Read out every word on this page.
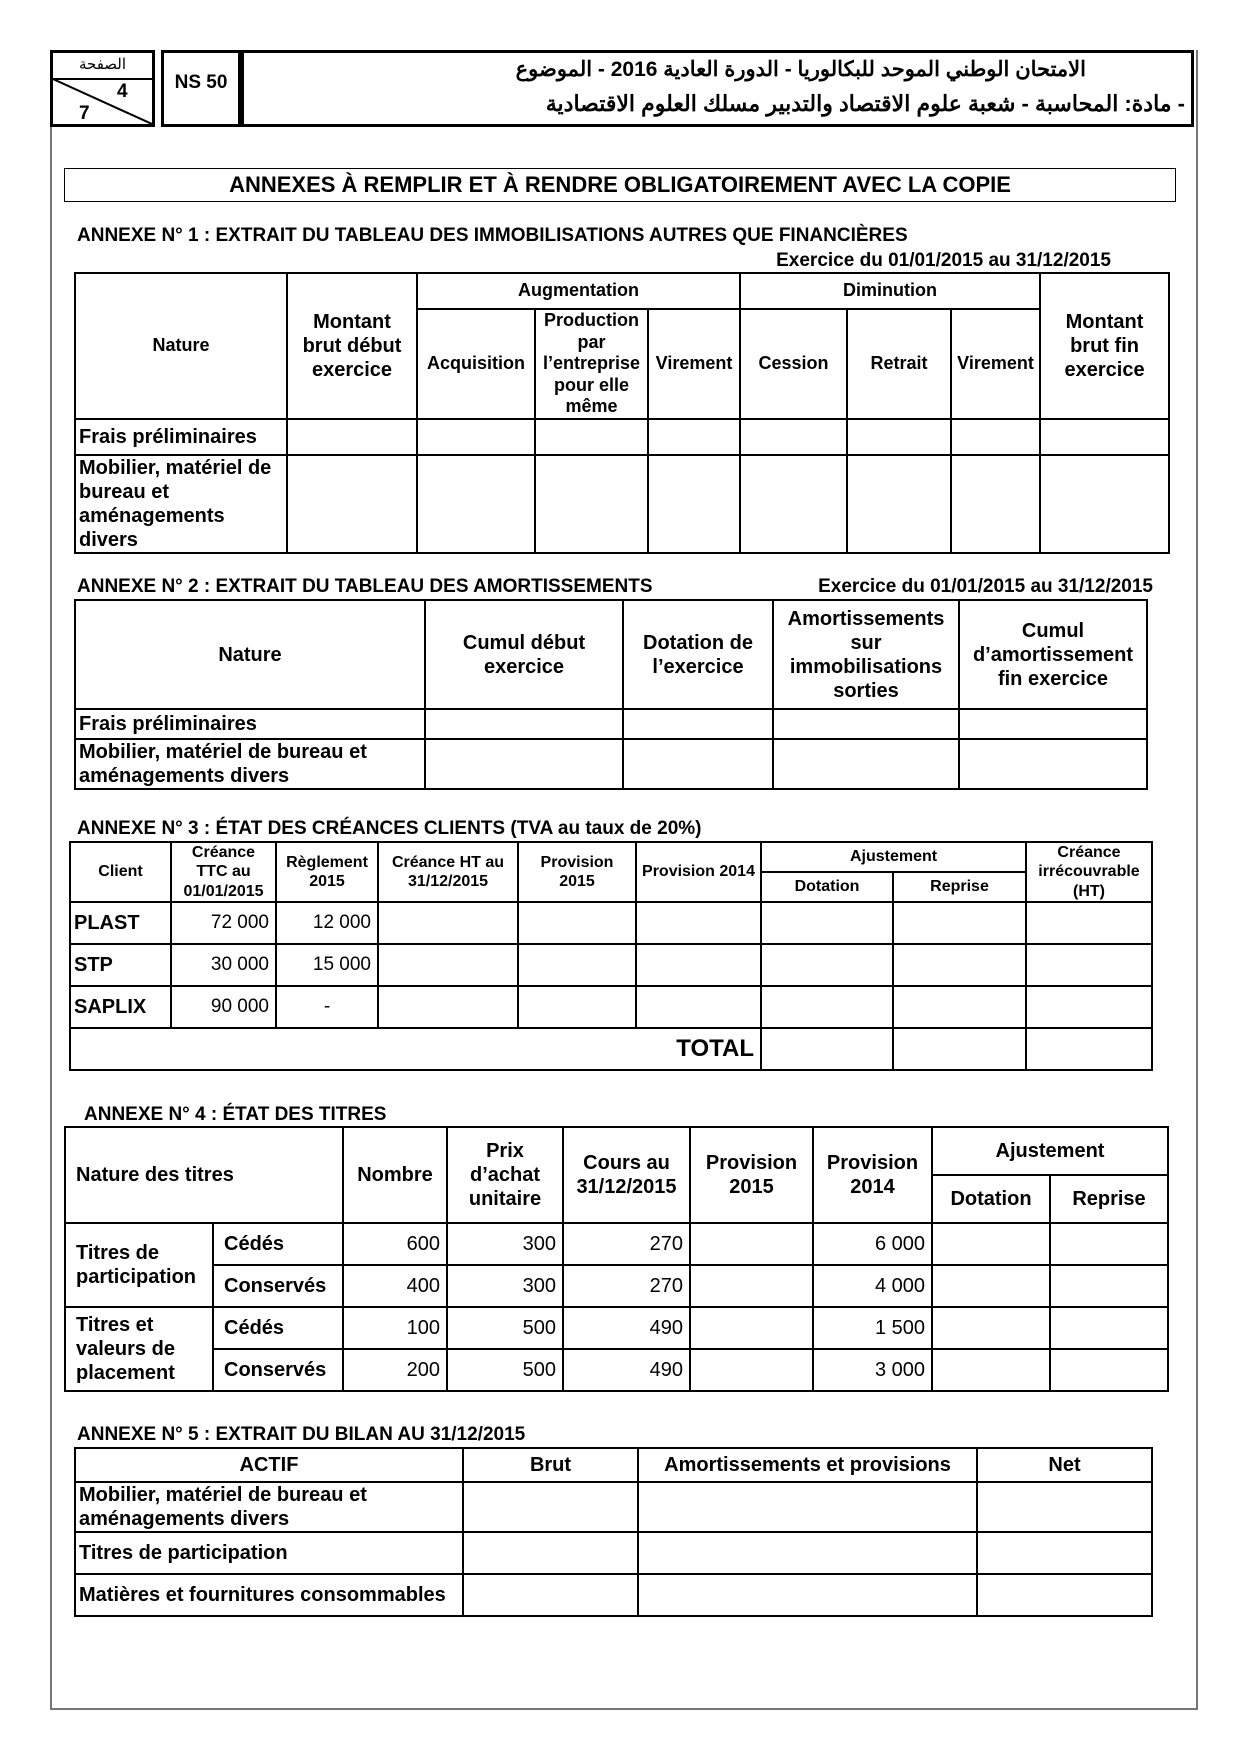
الصفحة
4
7
NS 50
الامتحان الوطني الموحد للبكالوريا - الدورة العادية 2016 - الموضوع
- مادة: المحاسبة - شعبة علوم الاقتصاد والتدبير مسلك العلوم الاقتصادية
ANNEXES À REMPLIR ET À RENDRE OBLIGATOIREMENT AVEC LA COPIE
ANNEXE N° 1 : EXTRAIT DU TABLEAU DES IMMOBILISATIONS AUTRES QUE FINANCIÈRES
Exercice du 01/01/2015 au 31/12/2015
Nature	Montant brut début exercice	Augmentation			Diminution			Montant brut fin exercice
		Acquisition	Production par l’entreprise pour elle même	Virement	Cession	Retrait	Virement	
Frais préliminaires								
Mobilier, matériel de bureau et aménagements divers								
ANNEXE N° 2 : EXTRAIT DU TABLEAU DES AMORTISSEMENTS	Exercice du 01/01/2015 au 31/12/2015
Nature	Cumul début exercice	Dotation de l’exercice	Amortissements sur immobilisations sorties	Cumul d’amortissement fin exercice
Frais préliminaires				
Mobilier, matériel de bureau et aménagements divers				
ANNEXE N° 3 : ÉTAT DES CRÉANCES CLIENTS (TVA au taux de 20%)
Client	Créance TTC au 01/01/2015	Règlement 2015	Créance HT au 31/12/2015	Provision 2015	Provision 2014	Ajustement		Créance irrécouvrable (HT)
						Dotation	Reprise	
PLAST	72 000	12 000						
STP	30 000	15 000						
SAPLIX	90 000	-						
TOTAL								
ANNEXE N° 4 : ÉTAT DES TITRES
Nature des titres		Nombre	Prix d’achat unitaire	Cours au 31/12/2015	Provision 2015	Provision 2014	Ajustement	
							Dotation	Reprise
Titres de participation	Cédés	600	300	270		6 000		
	Conservés	400	300	270		4 000		
Titres et valeurs de placement	Cédés	100	500	490		1 500		
	Conservés	200	500	490		3 000		
ANNEXE N° 5 : EXTRAIT DU BILAN AU 31/12/2015
ACTIF	Brut	Amortissements et provisions	Net
Mobilier, matériel de bureau et aménagements divers			
Titres de participation			
Matières et fournitures consommables			
